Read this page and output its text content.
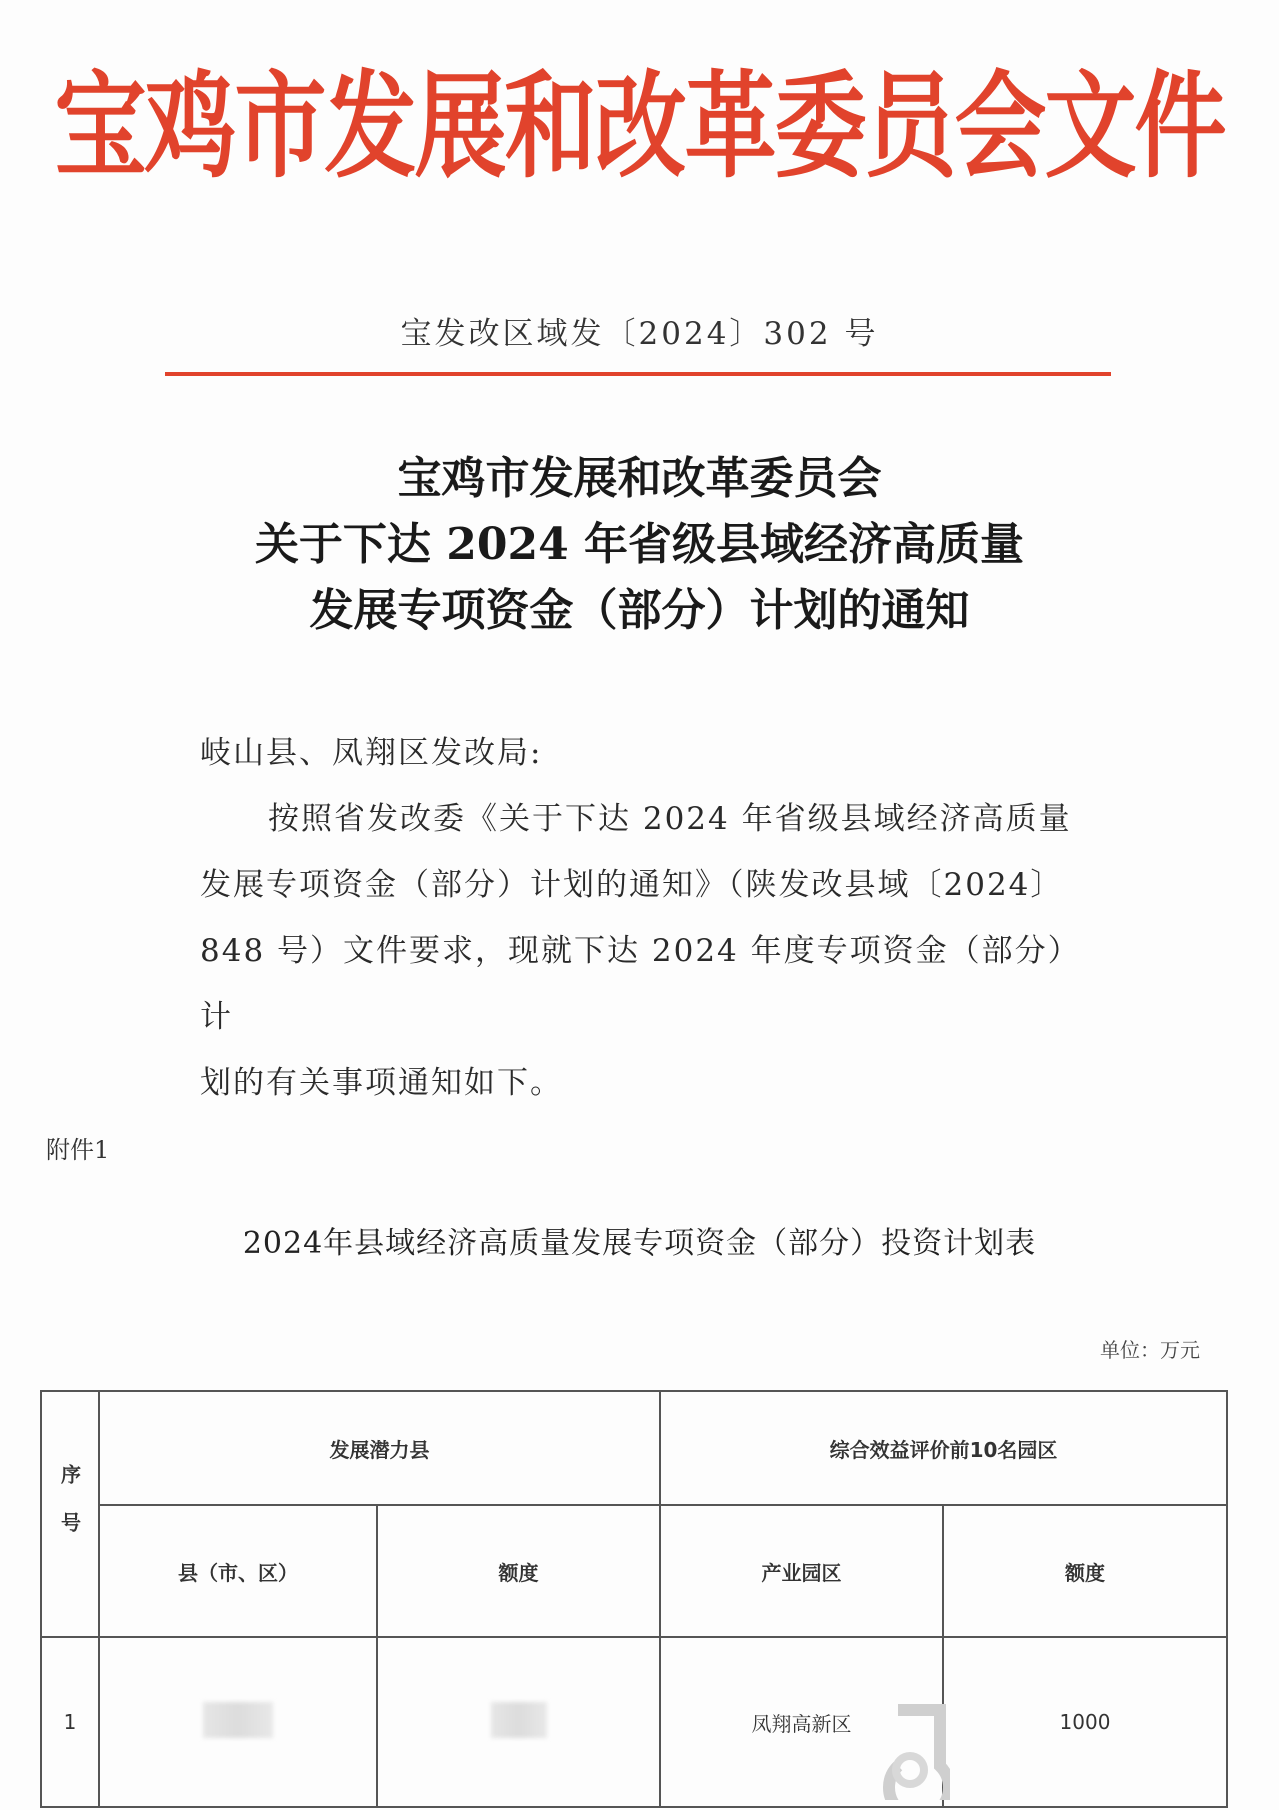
宝鸡市发展和改革委员会文件
宝发改区域发〔2024〕302 号
宝鸡市发展和改革委员会
关于下达 2024 年省级县域经济高质量
发展专项资金（部分）计划的通知

岐山县、凤翔区发改局:

按照省发改委《关于下达 2024 年省级县域经济高质量

发展专项资金（部分）计划的通知》（陕发改县域〔2024〕

848 号）文件要求，现就下达 2024 年度专项资金（部分）计

划的有关事项通知如下。

附件1
2024年县域经济高质量发展专项资金（部分）投资计划表
单位：万元
序号	发展潜力县		综合效益评价前10名园区	
	县（市、区）	额度	产业园区	额度
1			凤翔高新区	1000
